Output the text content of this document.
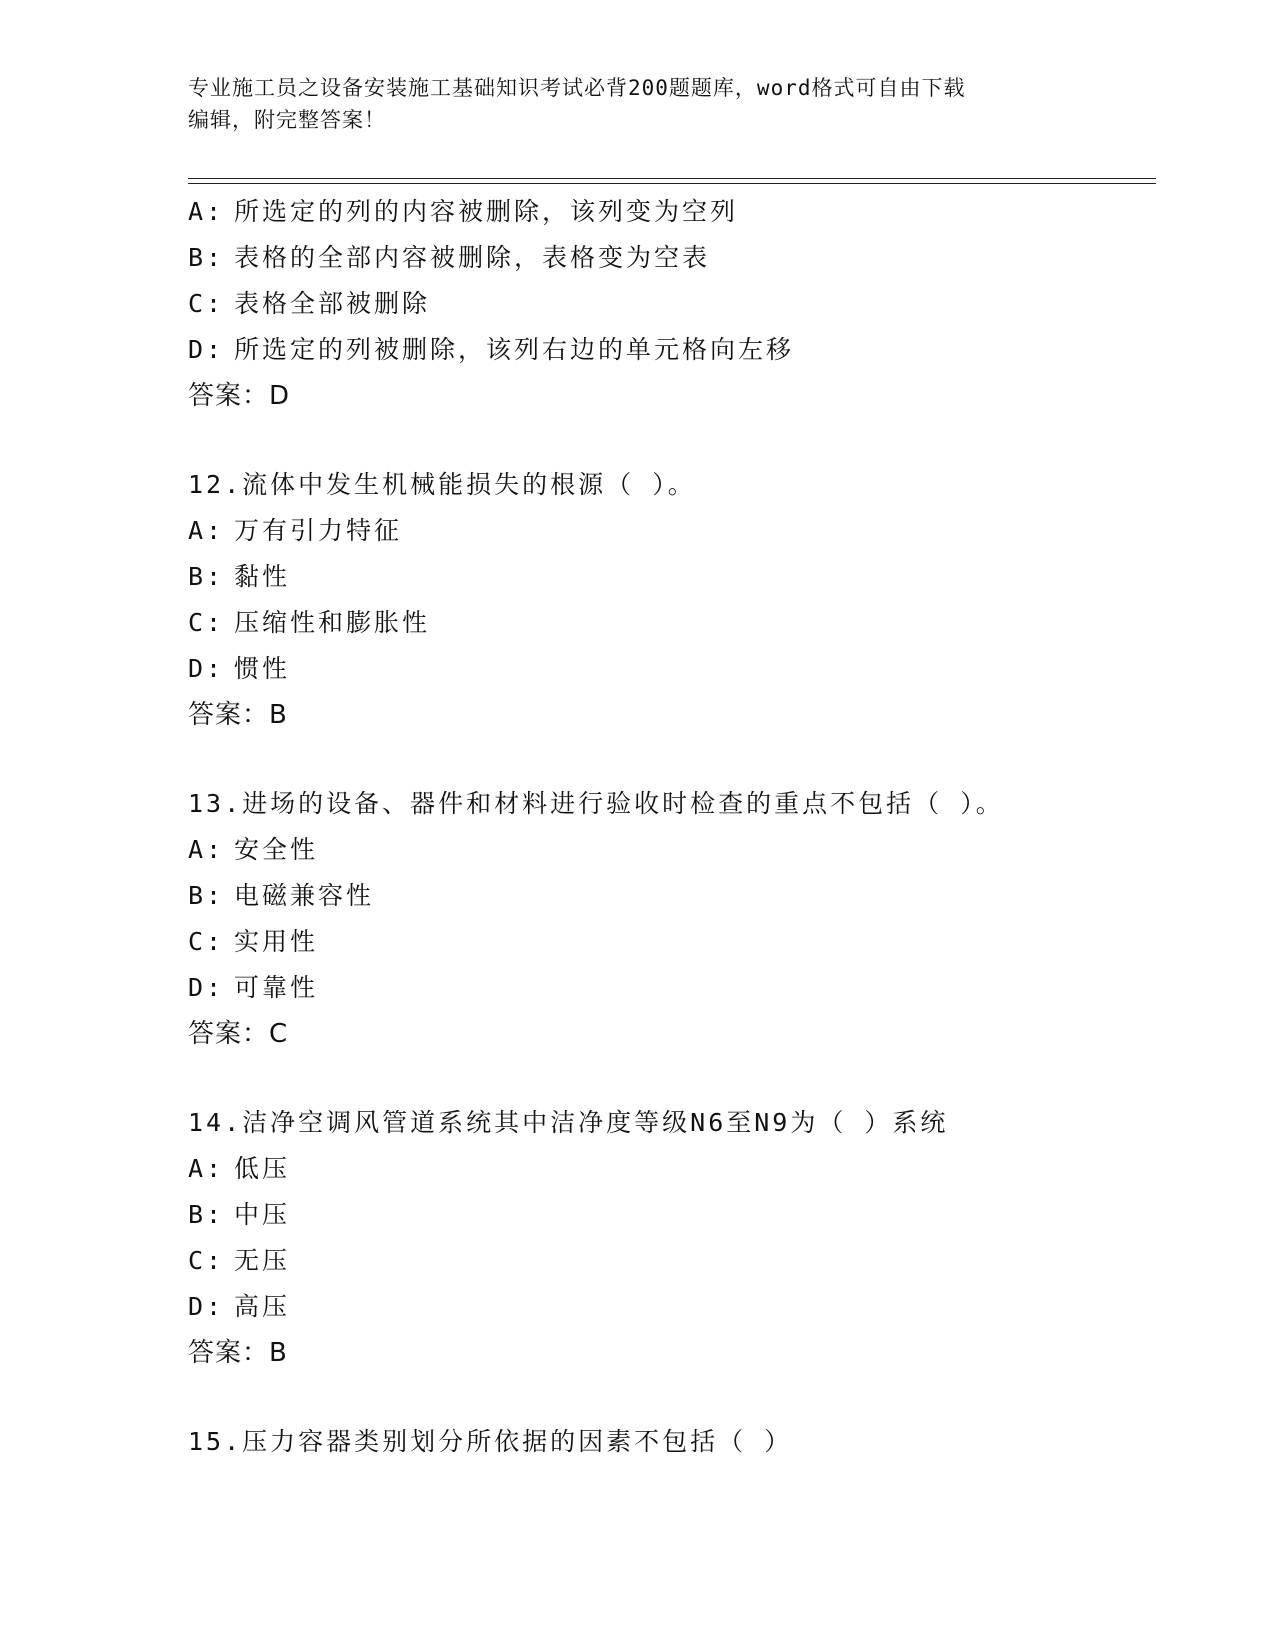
专业施工员之设备安装施工基础知识考试必背200题题库，word格式可自由下载
编辑，附完整答案！
A: 所选定的列的内容被删除，该列变为空列
B: 表格的全部内容被删除，表格变为空表
C: 表格全部被删除
D: 所选定的列被删除，该列右边的单元格向左移
答案：D
12.流体中发生机械能损失的根源（ ）。
A: 万有引力特征
B: 黏性
C: 压缩性和膨胀性
D: 惯性
答案：B
13.进场的设备、器件和材料进行验收时检查的重点不包括（ ）。
A: 安全性
B: 电磁兼容性
C: 实用性
D: 可靠性
答案：C
14.洁净空调风管道系统其中洁净度等级N6至N9为（ ）系统
A: 低压
B: 中压
C: 无压
D: 高压
答案：B
15.压力容器类别划分所依据的因素不包括（ ）
